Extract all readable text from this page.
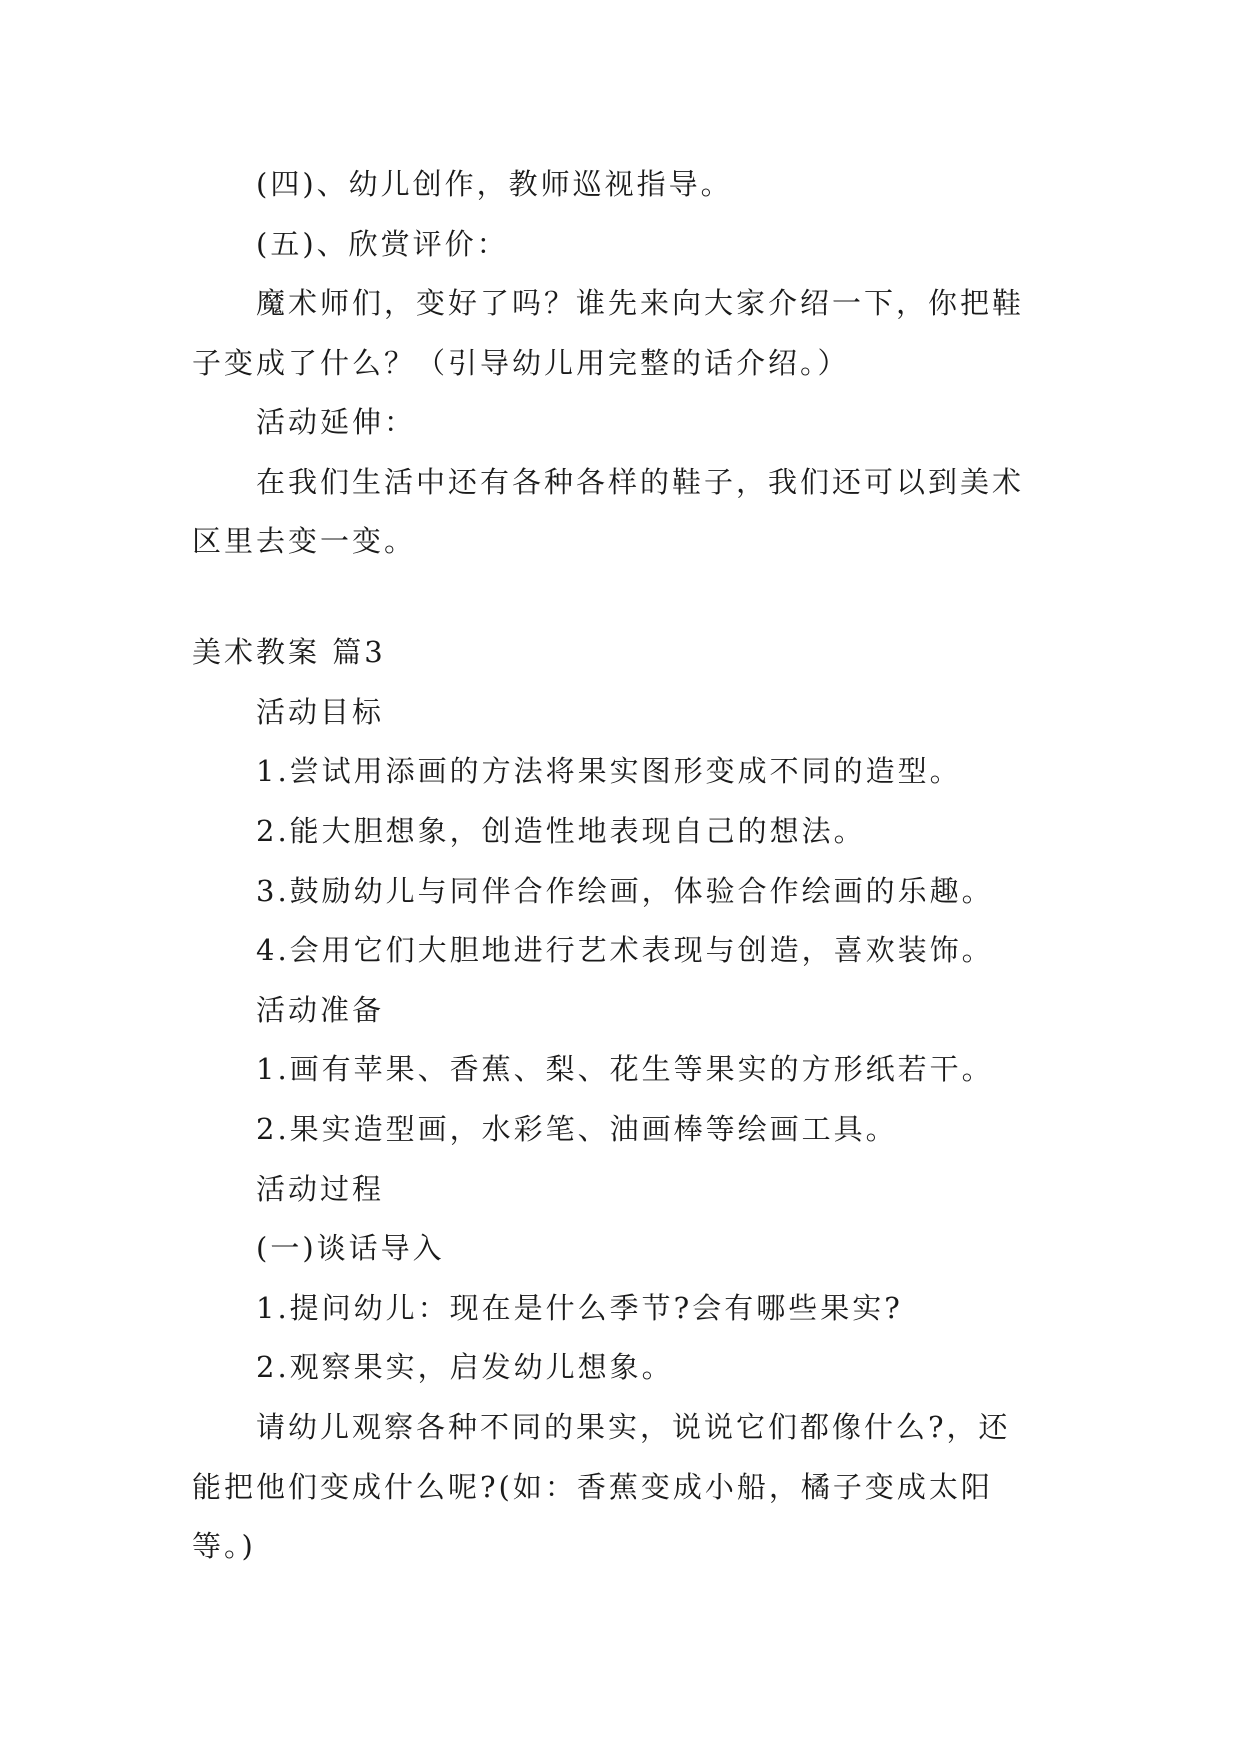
(四)、幼儿创作，教师巡视指导。
(五)、欣赏评价：
魔术师们，变好了吗？谁先来向大家介绍一下，你把鞋
子变成了什么？（引导幼儿用完整的话介绍。）
活动延伸：
在我们生活中还有各种各样的鞋子，我们还可以到美术
区里去变一变。
美术教案 篇3
活动目标
1.尝试用添画的方法将果实图形变成不同的造型。
2.能大胆想象，创造性地表现自己的想法。
3.鼓励幼儿与同伴合作绘画，体验合作绘画的乐趣。
4.会用它们大胆地进行艺术表现与创造，喜欢装饰。
活动准备
1.画有苹果、香蕉、梨、花生等果实的方形纸若干。
2.果实造型画，水彩笔、油画棒等绘画工具。
活动过程
(一)谈话导入
1.提问幼儿：现在是什么季节?会有哪些果实?
2.观察果实，启发幼儿想象。
请幼儿观察各种不同的果实，说说它们都像什么?，还
能把他们变成什么呢?(如：香蕉变成小船，橘子变成太阳
等。)
